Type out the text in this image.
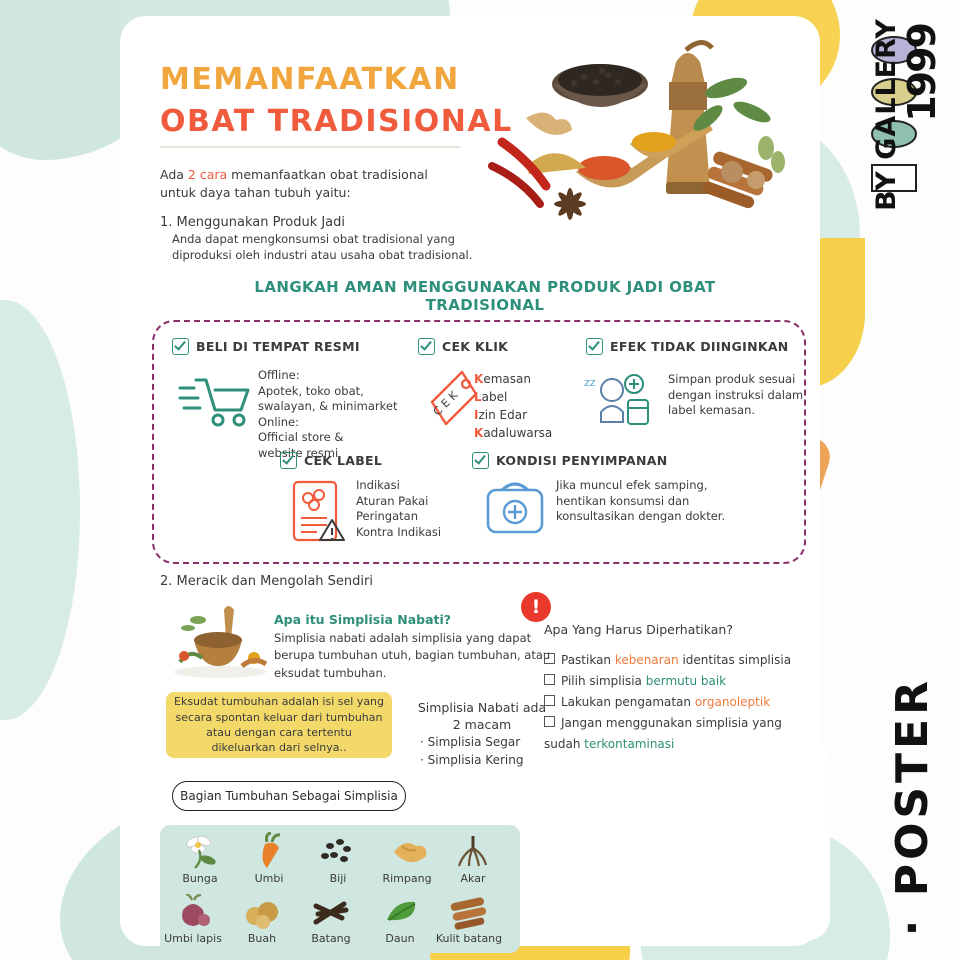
BY GALLERY
1999
· POSTER
MEMANFAATKAN
OBAT TRADISIONAL
Ada 2 cara memanfaatkan obat tradisional
untuk daya tahan tubuh yaitu:
1. Menggunakan Produk Jadi
Anda dapat mengkonsumsi obat tradisional yang diproduksi oleh industri atau usaha obat tradisional.
LANGKAH AMAN MENGGUNAKAN PRODUK JADI OBAT TRADISIONAL
BELI DI TEMPAT RESMI
Offline:
Apotek, toko obat,
swalayan, & minimarket
Online:
Official store &
website resmi
CEK KLIK
C E K
Kemasan
Label
Izin Edar
Kadaluwarsa
EFEK TIDAK DIINGINKAN
zz	Simpan produk sesuai dengan instruksi dalam label kemasan.
CEK LABEL
Indikasi
Aturan Pakai
Peringatan
Kontra Indikasi
KONDISI PENYIMPANAN
Jika muncul efek samping, hentikan konsumsi dan konsultasikan dengan dokter.
2. Meracik dan Mengolah Sendiri
Apa itu Simplisia Nabati?
Simplisia nabati adalah simplisia yang dapat berupa tumbuhan utuh, bagian tumbuhan, atau eksudat tumbuhan.
Eksudat tumbuhan adalah isi sel yang secara spontan keluar dari tumbuhan atau dengan cara tertentu dikeluarkan dari selnya..
Simplisia Nabati ada 2 macam
· Simplisia Segar
· Simplisia Kering
!
Apa Yang Harus Diperhatikan?
Pastikan kebenaran identitas simplisia
Pilih simplisia bermutu baik
Lakukan pengamatan organoleptik
Jangan menggunakan simplisia yang sudah terkontaminasi
Bagian Tumbuhan Sebagai Simplisia
Bunga	Umbi	Biji	Rimpang	Akar
Umbi lapis	Buah	Batang	Daun	Kulit batang
